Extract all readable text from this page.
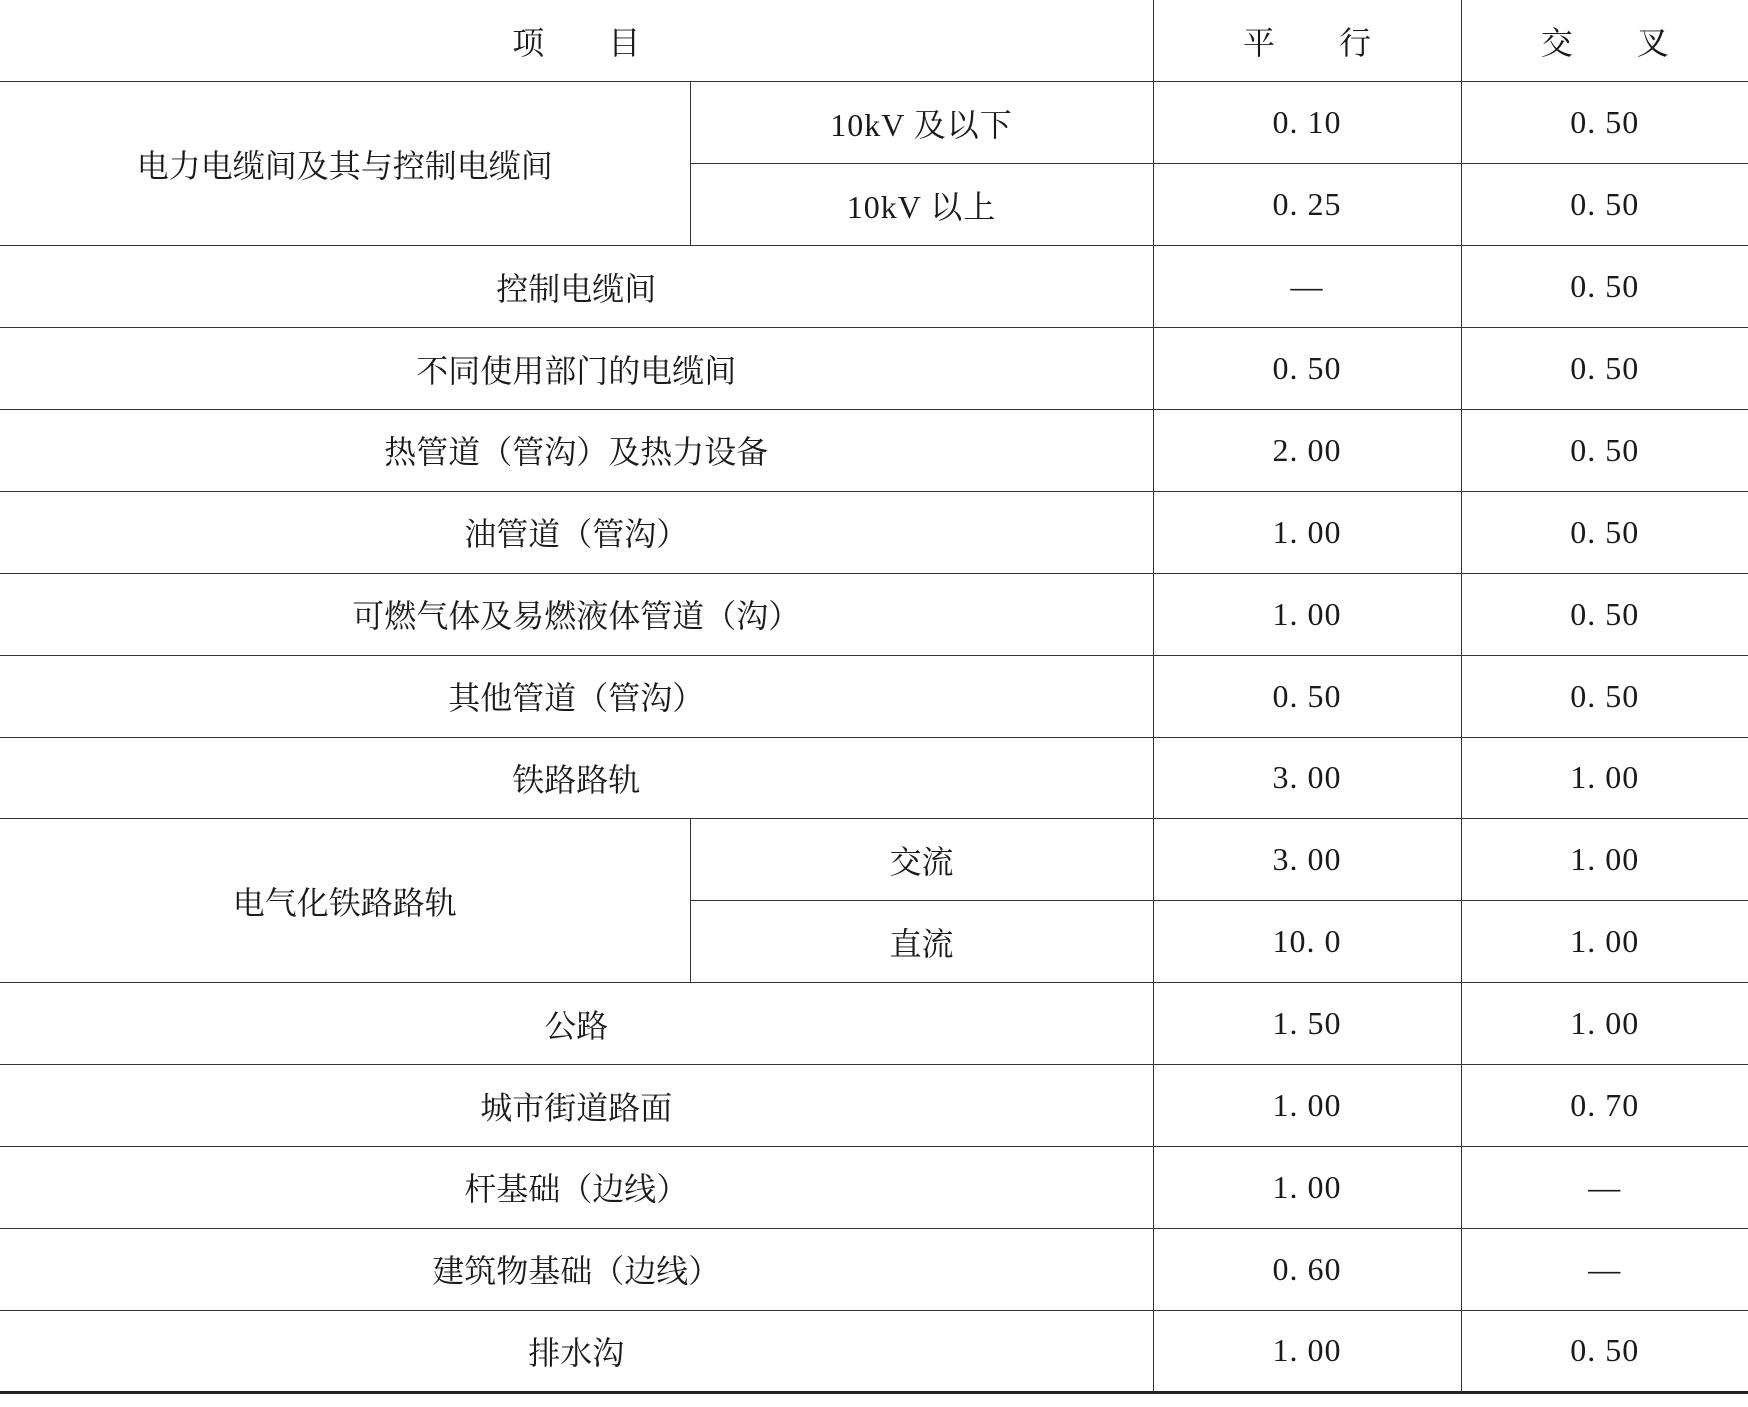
项　　目		平　　行	交　　叉
电力电缆间及其与控制电缆间	10kV 及以下	0. 10	0. 50
	10kV 以上	0. 25	0. 50
控制电缆间		—	0. 50
不同使用部门的电缆间		0. 50	0. 50
热管道（管沟）及热力设备		2. 00	0. 50
油管道（管沟）		1. 00	0. 50
可燃气体及易燃液体管道（沟）		1. 00	0. 50
其他管道（管沟）		0. 50	0. 50
铁路路轨		3. 00	1. 00
电气化铁路路轨	交流	3. 00	1. 00
	直流	10. 0	1. 00
公路		1. 50	1. 00
城市街道路面		1. 00	0. 70
杆基础（边线）		1. 00	—
建筑物基础（边线）		0. 60	—
排水沟		1. 00	0. 50
